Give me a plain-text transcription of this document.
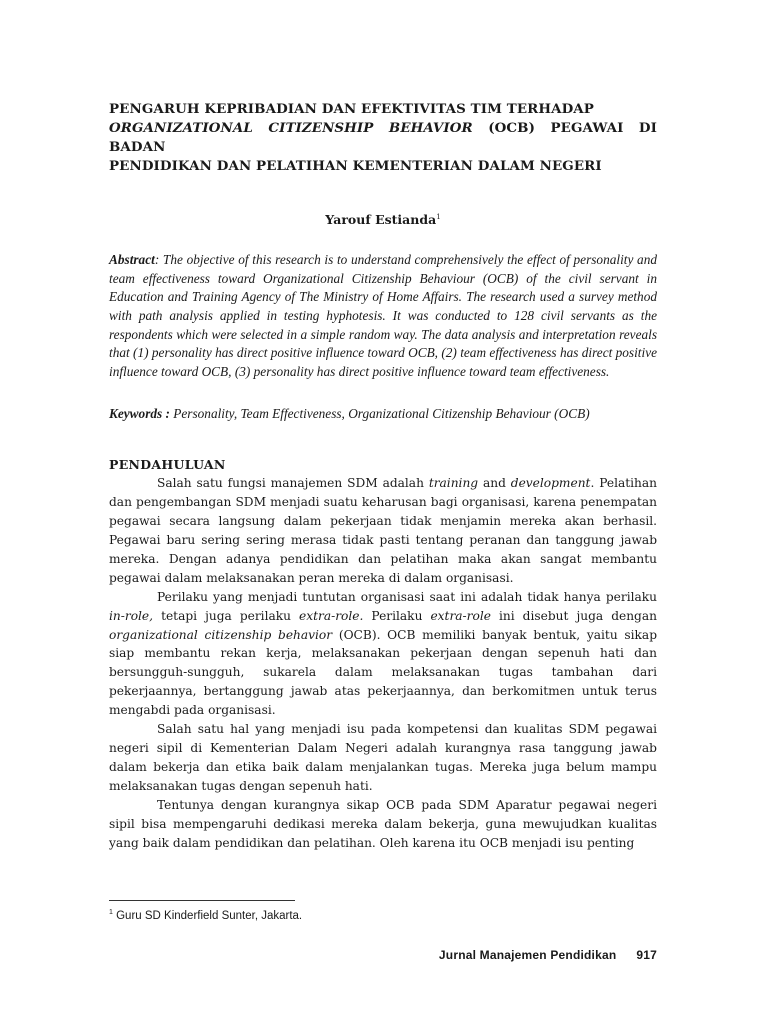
PENGARUH KEPRIBADIAN DAN EFEKTIVITAS TIM TERHADAP
ORGANIZATIONAL CITIZENSHIP BEHAVIOR (OCB) PEGAWAI DI BADAN
PENDIDIKAN DAN PELATIHAN KEMENTERIAN DALAM NEGERI
Yarouf Estianda$^1$
Abstract: The objective of this research is to understand comprehensively the effect of personality and team effectiveness toward Organizational Citizenship Behaviour (OCB) of the civil servant in Education and Training Agency of The Ministry of Home Affairs. The research used a survey method with path analysis applied in testing hyphotesis. It was conducted to 128 civil servants as the respondents which were selected in a simple random way. The data analysis and interpretation reveals that (1) personality has direct positive influence toward OCB, (2) team effectiveness has direct positive influence toward OCB, (3) personality has direct positive influence toward team effectiveness.
Keywords : Personality, Team Effectiveness, Organizational Citizenship Behaviour (OCB)
PENDAHULUAN

Salah satu fungsi manajemen SDM adalah training and development. Pelatihan dan pengembangan SDM menjadi suatu keharusan bagi organisasi, karena penempatan pegawai secara langsung dalam pekerjaan tidak menjamin mereka akan berhasil. Pegawai baru sering sering merasa tidak pasti tentang peranan dan tanggung jawab mereka. Dengan adanya pendidikan dan pelatihan maka akan sangat membantu pegawai dalam melaksanakan peran mereka di dalam organisasi.

Perilaku yang menjadi tuntutan organisasi saat ini adalah tidak hanya perilaku in-role, tetapi juga perilaku extra-role. Perilaku extra-role ini disebut juga dengan organizational citizenship behavior (OCB). OCB memiliki banyak bentuk, yaitu sikap siap membantu rekan kerja, melaksanakan pekerjaan dengan sepenuh hati dan bersungguh-sungguh, sukarela dalam melaksanakan tugas tambahan dari pekerjaannya, bertanggung jawab atas pekerjaannya, dan berkomitmen untuk terus mengabdi pada organisasi.

Salah satu hal yang menjadi isu pada kompetensi dan kualitas SDM pegawai negeri sipil di Kementerian Dalam Negeri adalah kurangnya rasa tanggung jawab dalam bekerja dan etika baik dalam menjalankan tugas. Mereka juga belum mampu melaksanakan tugas dengan sepenuh hati.

Tentunya dengan kurangnya sikap OCB pada SDM Aparatur pegawai negeri sipil bisa mempengaruhi dedikasi mereka dalam bekerja, guna mewujudkan kualitas yang baik dalam pendidikan dan pelatihan. Oleh karena itu OCB menjadi isu penting

$^1$ Guru SD Kinderfield Sunter, Jakarta.
Jurnal Manajemen Pendidikan 917
